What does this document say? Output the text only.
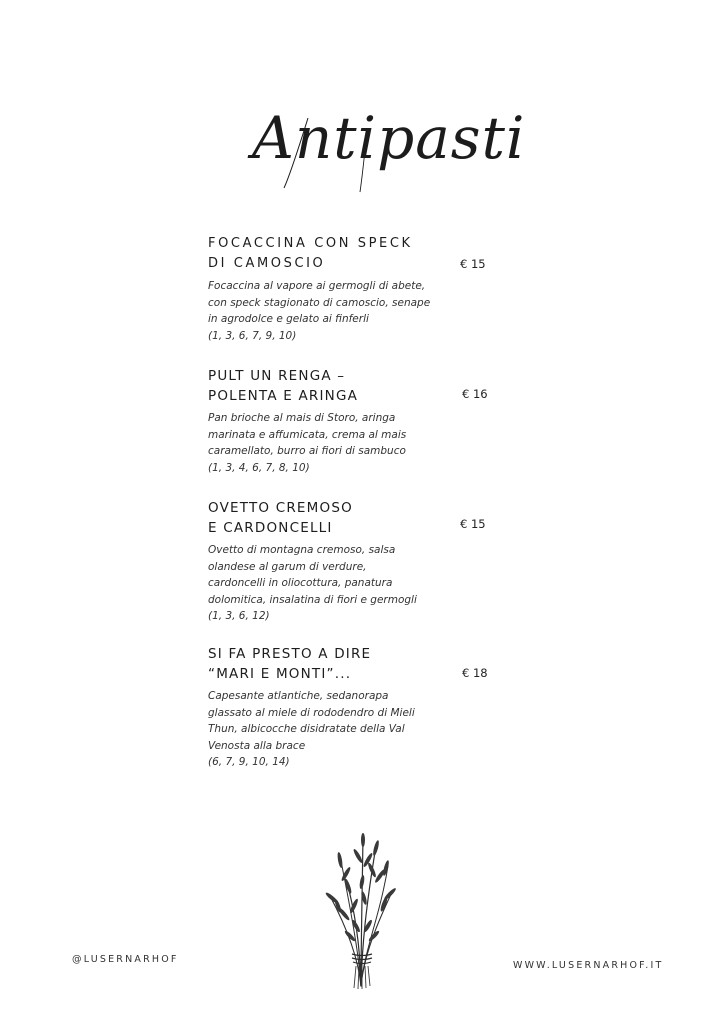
Antipasti
FOCACCINA CON SPECK
DI CAMOSCIO	€ 15
Focaccina al vapore ai germogli di abete,
con speck stagionato di camoscio, senape
in agrodolce e gelato ai finferli
(1, 3, 6, 7, 9, 10)
PULT UN RENGA –
POLENTA E ARINGA	€ 16
Pan brioche al mais di Storo, aringa
marinata e affumicata, crema al mais
caramellato, burro ai fiori di sambuco
(1, 3, 4, 6, 7, 8, 10)
OVETTO CREMOSO
E CARDONCELLI	€ 15
Ovetto di montagna cremoso, salsa
olandese al garum di verdure,
cardoncelli in oliocottura, panatura
dolomitica, insalatina di fiori e germogli
(1, 3, 6, 12)
SI FA PRESTO A DIRE
“MARI E MONTI”...	€ 18
Capesante atlantiche, sedanorapa
glassato al miele di rododendro di Mieli
Thun, albicocche disidratate della Val
Venosta alla brace
(6, 7, 9, 10, 14)
@LUSERNARHOF
WWW.LUSERNARHOF.IT
